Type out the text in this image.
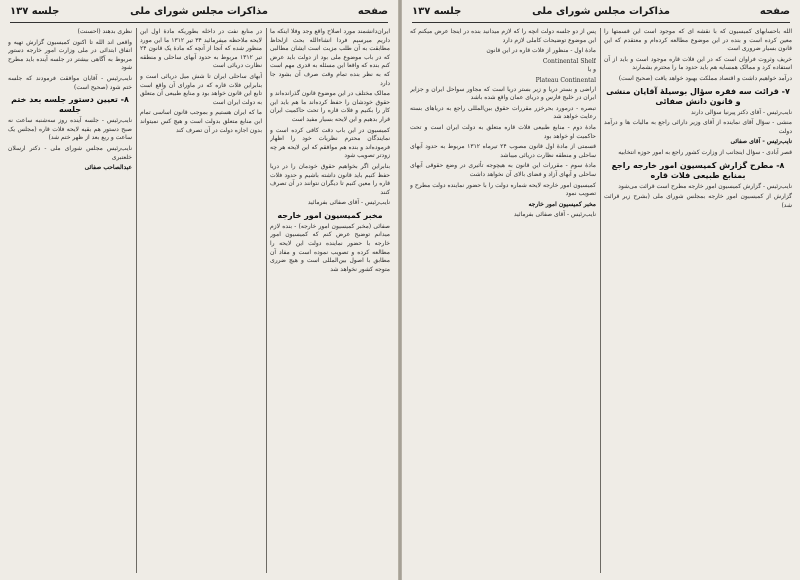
جلسه ۱۳۷	مذاکرات مجلس شورای ملی	صفحه

ایران‌دانشمند مورد اصلاح واقع‌ وجد وفلا اینکه ما داریم ‌میرسیم‌ فردا ‌انشاءالله‌ بحث ازلحاظ مطابقت ‌به‌ آن ‌طلب‌ مزیت است ایشان مطالبی که در باب موضوع ملی بود از دولت باید عرض کنم بنده که واقعا این ‌مسئله‌ ‌به‌ ‌قدری‌ ‌مهم‌ است که ‌به‌ ‌نظر‌ بنده ‌تمام‌ ‌وقت‌ ‌صرف‌ آن ‌بشود‌ ‌جا‌ ‌دارد‌

ممالک ‌مختلف‌ ‌در‌ ‌این‌ ‌موضوع‌ ‌قانون‌ ‌گذرانده‌اند ‌و‌ ‌حقوق‌ ‌خودشان‌ ‌را‌ ‌حفظ‌ ‌کرده‌اند ‌ما‌ ‌هم‌ ‌باید‌ ‌این‌ ‌کار‌ ‌را‌ ‌بکنیم‌ ‌و‌ ‌فلات‌ ‌قاره‌ ‌را‌ ‌تحت‌ ‌حاکمیت‌ ‌ایران‌ ‌قرار‌ ‌بدهیم‌ ‌و‌ ‌این‌ ‌لایحه‌ ‌بسیار‌ ‌مفید‌ ‌است‌

کمیسیون ‌در‌ ‌این‌ ‌باب‌ ‌دقت‌ ‌کافی‌ ‌کرده‌ ‌است‌ ‌و‌ ‌نمایندگان‌ ‌محترم‌ ‌نظریات‌ ‌خود‌ ‌را‌ ‌اظهار‌ ‌فرموده‌اند‌ ‌و‌ ‌بنده‌ ‌هم‌ ‌موافقم‌ ‌که‌ ‌این‌ ‌لایحه‌ ‌هر‌ ‌چه‌ ‌زودتر‌ ‌تصویب‌ ‌شود‌

بنابراین ‌اگر‌ ‌بخواهیم‌ ‌حقوق‌ ‌خودمان‌ ‌را‌ ‌در‌ ‌دریا‌ ‌حفظ‌ ‌کنیم‌ ‌باید‌ ‌قانون‌ ‌داشته‌ ‌باشیم‌ ‌و‌ ‌حدود‌ ‌فلات‌ ‌قاره‌ ‌را‌ ‌معین‌ ‌کنیم‌ ‌تا‌ ‌دیگران‌ ‌نتوانند‌ ‌در‌ ‌آن‌ ‌تصرف‌ ‌کنند‌

نایب‌رئیس ‌- ‌آقای‌ ‌صفائی‌ ‌بفرمائید‌

مخبر کمیسیون امور خارجه

صفائی ‌(مخبر ‌کمیسیون‌ ‌امور‌ ‌خارجه‌) ‌- ‌بنده‌ ‌لازم‌ ‌میدانم‌ ‌توضیح‌ ‌عرض‌ ‌کنم‌ ‌که‌ ‌کمیسیون‌ ‌امور‌ ‌خارجه‌ ‌با‌ ‌حضور‌ ‌نماینده‌ ‌دولت‌ ‌این‌ ‌لایحه‌ ‌را‌ ‌مطالعه‌ ‌کرده‌ ‌و‌ ‌تصویب‌ ‌نموده‌ ‌است‌ ‌و‌ ‌مفاد‌ ‌آن‌ ‌مطابق‌ ‌با‌ ‌اصول‌ ‌بین‌المللی‌ ‌است‌ ‌و‌ ‌هیچ‌ ‌ضرری‌ ‌متوجه‌ ‌کشور‌ ‌نخواهد‌ ‌شد‌

در منابع نفت ‌در‌ ‌داخله‌ ‌بطوریکه ‌مادۀ‌ ‌اول‌ ‌این‌ ‌لایحه‌ ‌ملاحظه‌ ‌میفرمائید‌ ‌۳۴‌ ‌تیر‌ ‌۱۳۱۲‌ ‌ما‌ ‌این‌ ‌مورد‌ ‌منظور‌ ‌شده‌ ‌که‌ ‌آنجا‌ ‌از‌ ‌آنچه‌ ‌که‌ ‌مادۀ‌ ‌یک‌ ‌قانون‌ ‌۲۴‌ ‌تیر‌ ‌۱۳۱۲‌ ‌مربوط‌ ‌به‌ ‌حدود‌ ‌آبهای‌ ‌ساحلی‌ ‌و‌ ‌منطقه‌ ‌نظارت‌ ‌دریائی‌ ‌است‌

آبهای ‌ساحلی‌ ‌ایران‌ ‌تا‌ ‌شش‌ ‌میل‌ ‌دریائی‌ ‌است‌ ‌و‌ ‌بنابراین‌ ‌فلات‌ ‌قاره‌ ‌که‌ ‌در‌ ‌ماورای‌ ‌آن‌ ‌واقع‌ ‌است‌ ‌تابع‌ ‌این‌ ‌قانون‌ ‌خواهد‌ ‌بود‌ ‌و‌ ‌منابع‌ ‌طبیعی‌ ‌آن‌ ‌متعلق‌ ‌به‌ ‌دولت‌ ‌ایران‌ ‌است‌

ما ‌که‌ ‌ایران‌ ‌هستیم‌ ‌و‌ ‌بموجب‌ ‌قانون‌ ‌اساسی‌ ‌تمام‌ ‌این‌ ‌منابع‌ ‌متعلق‌ ‌بدولت‌ ‌است‌ ‌و‌ ‌هیچ‌ ‌کس‌ ‌نمیتواند‌ ‌بدون‌ ‌اجازه‌ ‌دولت‌ ‌در‌ ‌آن‌ ‌تصرف‌ ‌کند‌

نظری ‌بدهند ‌(احسنت‌)

واقعی‌ ‌اند‌ ‌الله‌ ‌تا‌ ‌اکنون‌ ‌کمیسیون‌ ‌گزارش‌ ‌تهیه‌ ‌و‌ ‌اتفاق‌ ‌ابتدائی‌ ‌در‌ ‌ملی‌ ‌وزارت‌ ‌امور‌ ‌خارجه‌ ‌دستور‌ ‌مربوط‌ ‌به‌ ‌آگاهی‌ ‌بیشتر‌ ‌در‌ ‌جلسه‌ ‌آینده‌ ‌باید‌ ‌مطرح‌ ‌شود‌

نایب‌رئیس ‌- ‌آقایان‌ ‌موافقت‌ ‌فرمودند‌ ‌که‌ ‌جلسه‌ ‌ختم‌ ‌شود‌ ‌(صحیح‌ ‌است‌)

۸- تعیین دستور جلسه بعد ختم جلسه

نایب‌رئیس ‌- ‌جلسه‌ ‌آینده‌ ‌روز‌ ‌سه‌شنبه‌ ‌ساعت‌ ‌نه‌ ‌صبح‌ ‌دستور‌ ‌هم‌ ‌بقیه‌ ‌لایحه‌ ‌فلات‌ ‌قاره‌ ‌(مجلس‌ ‌یک‌ ‌ساعت‌ ‌و‌ ‌ربع‌ ‌بعد‌ ‌از‌ ‌ظهر‌ ‌ختم‌ ‌شد‌)

نایب‌رئیس‌ ‌مجلس‌ ‌شورای‌ ‌ملی‌ ‌- ‌دکتر‌ ‌ارسلان‌ ‌خلعتبری‌

عبدالصاحب صفائی

جلسه ۱۳۷	مذاکرات مجلس شورای ملی	صفحه

الله ‌باحسابهای‌ ‌کمیسیون‌ ‌که‌ ‌با‌ ‌نقشه‌ ‌ای‌ ‌که‌ ‌موجود‌ ‌است‌ ‌این‌ ‌قسمتها‌ ‌را‌ ‌معین‌ ‌کرده‌ ‌است‌ ‌و‌ ‌بنده‌ ‌در‌ ‌این‌ ‌موضوع‌ ‌مطالعه‌ ‌کرده‌ام‌ ‌و‌ ‌معتقدم‌ ‌که‌ ‌این‌ ‌قانون‌ ‌بسیار‌ ‌ضروری‌ ‌است‌

خریف ‌وثروت ‌فراوان‌ ‌است‌ ‌که‌ ‌در‌ ‌این‌ ‌فلات‌ ‌قاره‌ ‌موجود‌ ‌است‌ ‌و‌ ‌باید‌ ‌از‌ ‌آن‌ ‌استفاده‌ ‌کرد‌ ‌و‌ ‌ممالک‌ ‌همسایه‌ ‌هم‌ ‌باید‌ ‌حدود‌ ‌ما‌ ‌را‌ ‌محترم‌ ‌بشمارند‌

درآمد ‌خواهیم‌ ‌داشت‌ ‌و‌ ‌اقتصاد‌ ‌مملکت‌ ‌بهبود‌ ‌خواهد‌ ‌یافت‌ ‌(صحیح‌ ‌است‌)

۷- قرائت سه فقره سؤال بوسیلۀ آقایان منشی و قانون دانش صفائی

نایب‌رئیس ‌- ‌آقای‌ ‌دکتر‌ ‌پیرنیا‌ ‌سؤالی‌ ‌دارند‌

منشی ‌- ‌سؤال‌ ‌آقای‌ ‌نماینده‌ ‌از‌ ‌آقای‌ ‌وزیر‌ ‌دارائی‌ ‌راجع‌ ‌به‌ ‌مالیات‌ ‌ها‌ ‌و‌ ‌درآمد‌ ‌دولت‌

نایب‌رئیس ‌- ‌آقای‌ ‌صفائی‌

قصر ‌آبادی ‌- ‌سؤال‌ ‌اینجانب‌ ‌از‌ ‌وزارت‌ ‌کشور‌ ‌راجع‌ ‌به‌ ‌امور‌ ‌حوزه‌ ‌انتخابیه‌

۸- مطرح گزارش کمیسیون امور خارجه راجع بمنابع طبیعی فلات قاره

نایب‌رئیس ‌- ‌گزارش‌ ‌کمیسیون‌ ‌امور‌ ‌خارجه‌ ‌مطرح‌ ‌است‌ ‌قرائت‌ ‌می‌شود‌

گزارش ‌از‌ ‌کمیسیون‌ ‌امور‌ ‌خارجه‌ ‌بمجلس‌ ‌شورای‌ ‌ملی‌ ‌(بشرح‌ ‌زیر‌ ‌قرائت‌ ‌شد‌)

پس ‌از ‌دو ‌جلسه ‌دولت ‌آنچه ‌را ‌که ‌لازم ‌میدانید ‌بنده ‌در ‌اینجا ‌عرض ‌میکنم ‌که ‌این ‌موضوع ‌توضیحات ‌کاملی ‌لازم ‌دارد

مادۀ ‌اول ‌- ‌منظور ‌از ‌فلات ‌قاره ‌در ‌این ‌قانون

Continental Shelf

و ‌یا

Plateau Continental

اراضی ‌و ‌بستر ‌دریا ‌و ‌زیر ‌بستر ‌دریا ‌است ‌که ‌مجاور ‌سواحل ‌ایران ‌و ‌جزایر ‌ایران ‌در ‌خلیج ‌فارس ‌و ‌دریای ‌عمان ‌واقع ‌شده ‌باشد

تبصره ‌- ‌درمورد ‌بحرخزر ‌مقررات ‌حقوق ‌بین‌المللی ‌راجع ‌به ‌دریاهای ‌بسته ‌رعایت ‌خواهد ‌شد

مادۀ ‌دوم ‌- ‌منابع ‌طبیعی ‌فلات ‌قاره ‌متعلق ‌به ‌دولت ‌ایران ‌است ‌و ‌تحت ‌حاکمیت ‌او ‌خواهد ‌بود

قسمتی ‌از ‌مادۀ ‌اول ‌قانون ‌مصوب ‌۲۴ ‌تیرماه ‌۱۳۱۲ ‌مربوط ‌به ‌حدود ‌آبهای ‌ساحلی ‌و ‌منطقه ‌نظارت ‌دریائی ‌میباشد

مادۀ ‌سوم ‌- ‌مقررات ‌این ‌قانون ‌به ‌هیچوجه ‌تأثیری ‌در ‌وضع ‌حقوقی ‌آبهای ‌ساحلی ‌و ‌آبهای ‌آزاد ‌و ‌فضای ‌بالای ‌آن ‌نخواهد ‌داشت

کمیسیون امور خارجه ‌لایحه ‌شماره ‌دولت ‌را ‌با ‌حضور ‌نماینده ‌دولت ‌مطرح ‌و ‌تصویب ‌نمود

مخبر کمیسیون امور خارجه

نایب‌رئیس ‌- ‌آقای ‌صفائی ‌بفرمائید
